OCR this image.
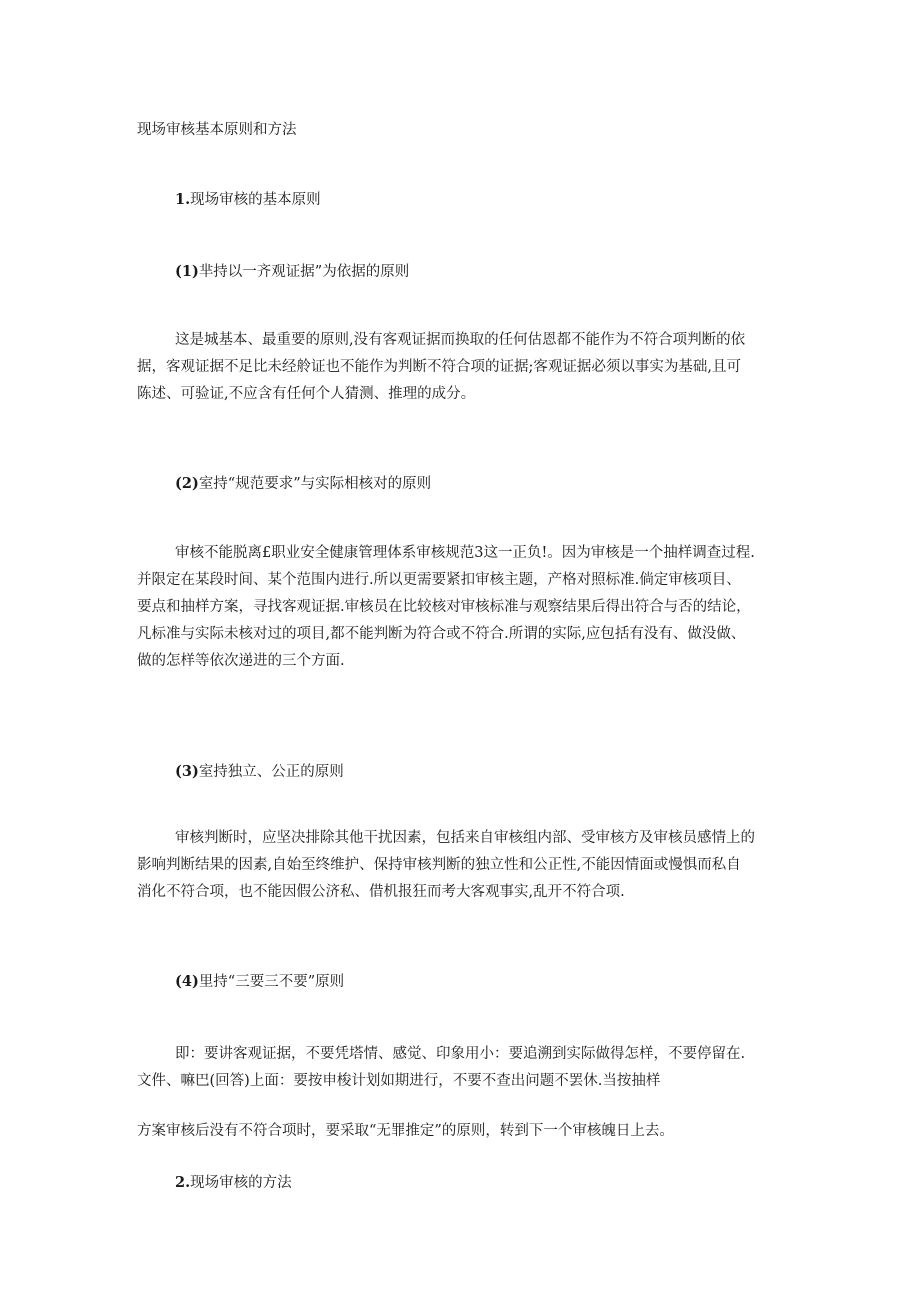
现场审核基本原则和方法
1.现场审核的基本原则
(1)芈持以一齐观证据”为依据的原则
这是城基本、最重要的原则,没有客观证据而换取的任何估恩都不能作为不符合项判断的依
据，客观证据不足比未经舲证也不能作为判断不符合项的证据;客观证据必须以事实为基础,且可
陈述、可验证,不应含有任何个人猜测、推理的成分。
(2)室持“规范要求”与实际相核对的原则
审核不能脱离£职业安全健康管理体系审核规范3这一正负!。因为审核是一个抽样调查过程.
并限定在某段时间、某个范围内进行.所以更需要紧扣审核主题，产格对照标准.倘定审核项目、
要点和抽样方案，寻找客观证据.审核员在比较核对审核标准与观察结果后得出符合与否的结论，
凡标准与实际未核对过的项目,都不能判断为符合或不符合.所谓的实际,应包括有没有、做没做、
做的怎样等依次递进的三个方面.
(3)室持独立、公正的原则
审核判断时，应坚决排除其他干扰因素，包括来自审核组内部、受审核方及审核员感情上的
影响判断结果的因素,自始至终维护、保持审核判断的独立性和公正性,不能因情面或慢惧而私自
消化不符合项，也不能因假公济私、借机报狂而考大客观事实,乱开不符合项.
(4)里持“三要三不要”原则
即：要讲客观证据，不要凭塔情、感觉、印象用小：要追溯到实际做得怎样，不要停留在.
文件、嘛巴(回答)上面：要按申梭计划如期进行，不要不查出问题不罢休.当按抽样
方案审核后没有不符合项时，要采取“无罪推定”的原则，转到下一个审核魄日上去。
2.现场审核的方法
